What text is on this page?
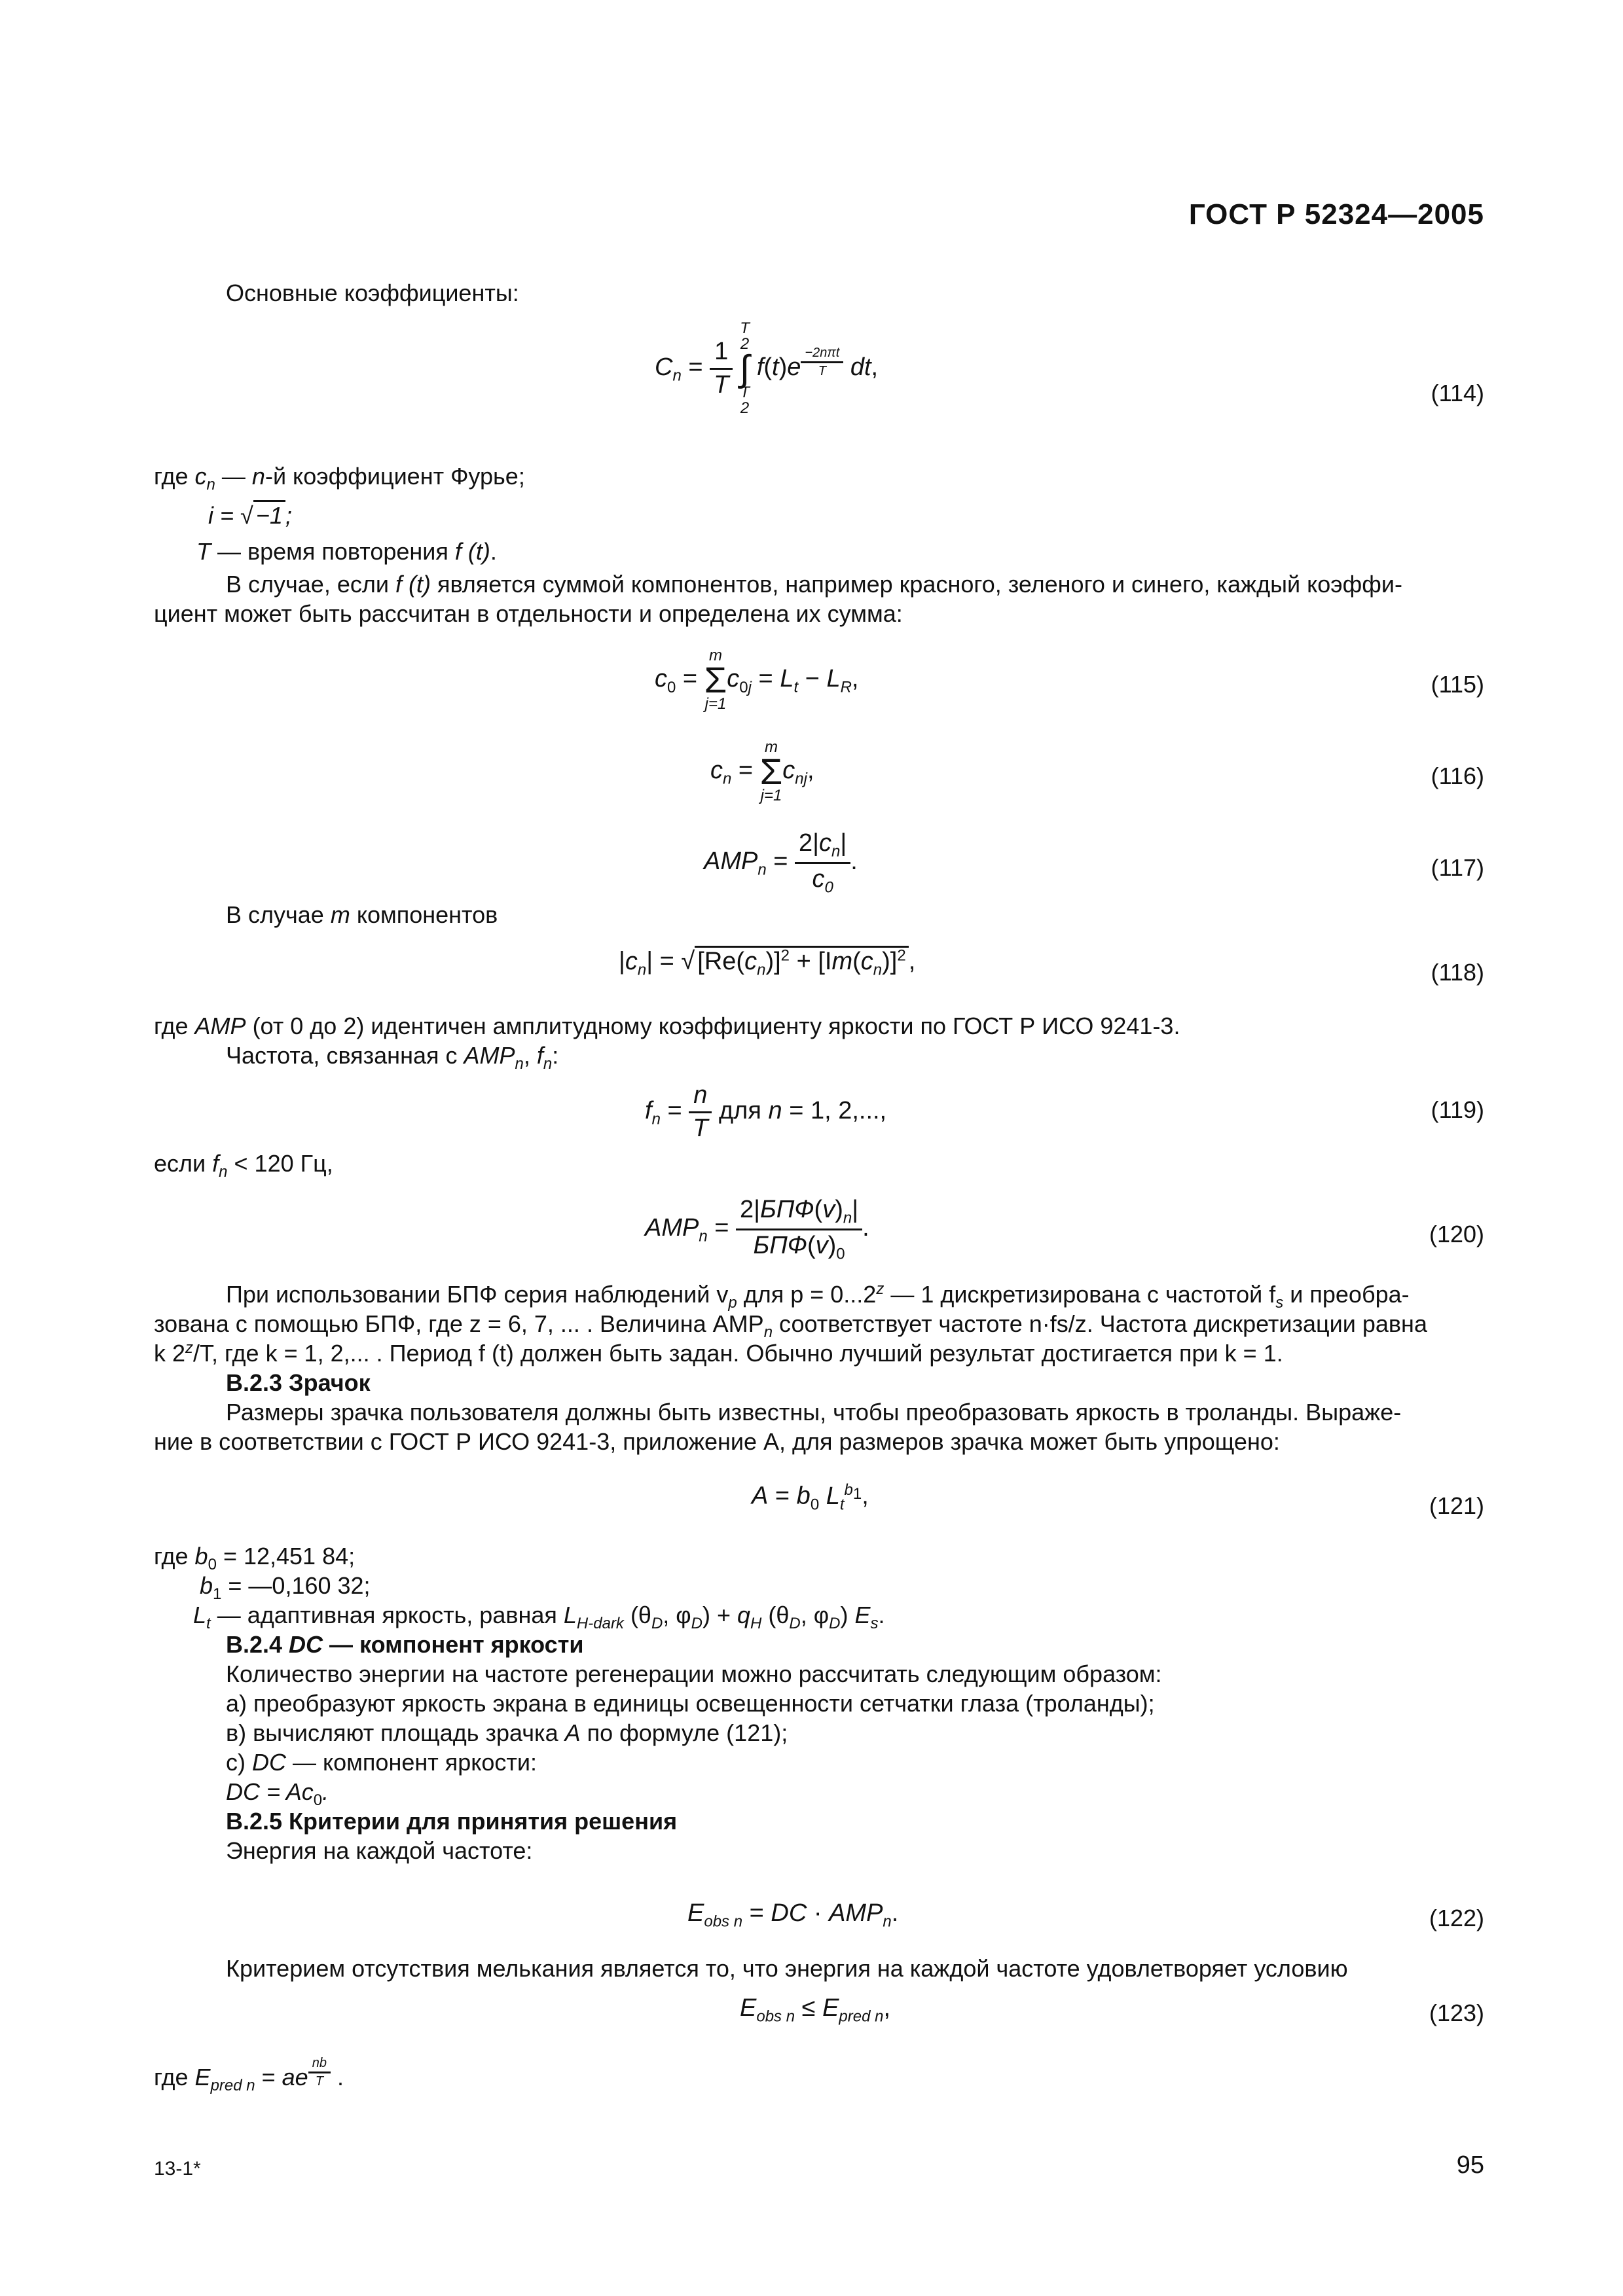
ГОСТ Р 52324—2005
Основные коэффициенты:
$C_n = \frac{1}{T}$

T
2
∫
T
2
f(t)e $^{\frac{\text{−2nπt}}{T}}$ dt,
(114)
где $c_n$ — n-й коэффициент Фурье;
i = √ −1 ;
T — время повторения f (t).
В случае, если f (t) является суммой компонентов, например красного, зеленого и синего, каждый коэффи-
циент может быть рассчитан в отдельности и определена их сумма:
$c_0$ =
m
Σ
j=1
$c_{0j} = L_t - L_R$,	(115)
$c_n$ =
m
Σ
j=1
$c_{nj}$,	(116)
$AMP_n = \frac{2|c_n|}{c_0}$ .	(117)
В случае m компонентов
$|c_n|$ = √ $[Re(c_n)]^2 + [Im(c_n)]^2$ ,	(118)
где AMP (от 0 до 2) идентичен амплитудному коэффициенту яркости по ГОСТ Р ИСО 9241-3.
Частота, связанная с $AMP_n$, $f_n$:
$f_n = \frac{n}{T}$ для n = 1, 2,...,	(119)
если $f_n < 120$ Гц,
$AMP_n = \frac{2|БПФ(v)_n|}{БПФ(v)_0}$ .	(120)
При использовании БПФ серия наблюдений $v_p$ для $p = 0...2^z$ — 1 дискретизирована с частотой $f_s$ и преобра-
зована с помощью БПФ, где z = 6, 7, ... . Величина $AMP_n$ соответствует частоте n·fs/z. Частота дискретизации равна
k 2$^z$/T, где k = 1, 2,... . Период f (t) должен быть задан. Обычно лучший результат достигается при k = 1.
В.2.3 Зрачок
Размеры зрачка пользователя должны быть известны, чтобы преобразовать яркость в троланды. Выраже-
ние в соответствии с ГОСТ Р ИСО 9241-3, приложение А, для размеров зрачка может быть упрощено:
$A = b_0$ $L_t^{b_1}$,	(121)
где $b_0 = 12,451$ 84;
$b_1$ = —0,160 32;
$L_t$ — адаптивная яркость, равная $L_{H-dark}$ ($\theta_D$, $\varphi_D) + q_H$ ($\theta_D$, $\varphi_D$) $E_s$.
В.2.4 DC — компонент яркости
Количество энергии на частоте регенерации можно рассчитать следующим образом:
а) преобразуют яркость экрана в единицы освещенности сетчатки глаза (троланды);
в) вычисляют площадь зрачка А по формуле (121);
с) DC — компонент яркости:
DC = $Ac_0$.
В.2.5 Критерии для принятия решения
Энергия на каждой частоте:
$E_{obs n}$ = DC · $AMP_n$.	(122)
Критерием отсутствия мелькания является то, что энергия на каждой частоте удовлетворяет условию
$E_{obs n} \le E_{pred n}$,	(123)
где $E_{pred n}$ = ae $^{\frac{nb}{T}}$ .
13-1*	95
